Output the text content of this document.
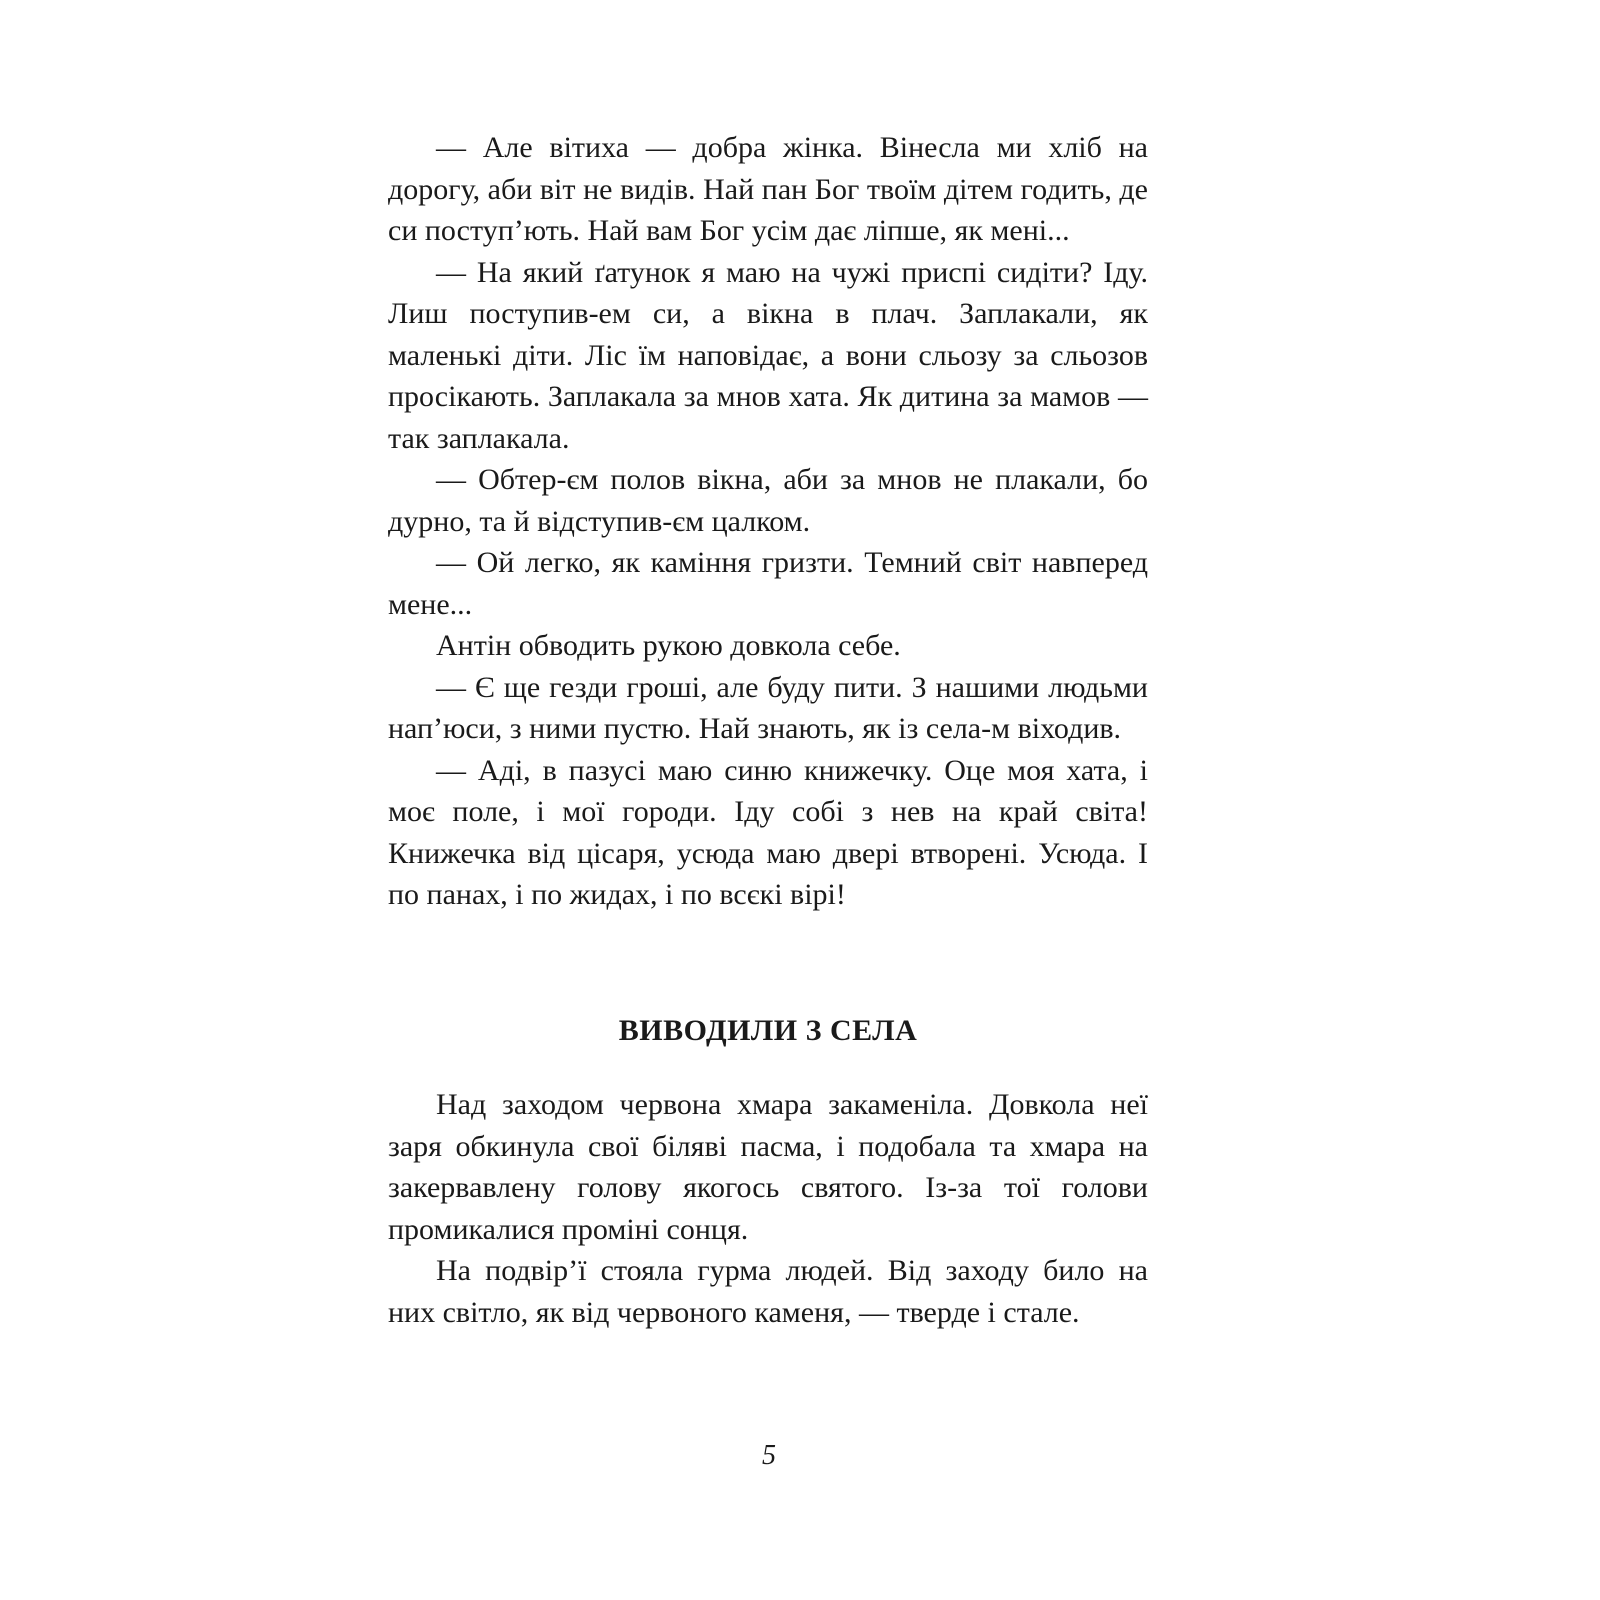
— Але вітиха — добра жінка. Вінесла ми хліб на дорогу, аби віт не видів. Най пан Бог твоїм дітем годить, де си поступ’ють. Най вам Бог усім дає ліпше, як мені...

— На який ґатунок я маю на чужі приспі сидіти? Іду. Лиш поступив-ем си, а вікна в плач. Заплакали, як маленькі діти. Ліс їм наповідає, а вони сльозу за сльозов просікають. Заплакала за мнов хата. Як дитина за мамов — так заплакала.

— Обтер-єм полов вікна, аби за мнов не плакали, бо дурно, та й відступив-єм цалком.

— Ой легко, як каміння гризти. Темний світ навперед мене...

Антін обводить рукою довкола себе.

— Є ще гезди гроші, але буду пити. З нашими людьми нап’юси, з ними пустю. Най знають, як із села-м віходив.

— Аді, в пазусі маю синю книжечку. Оце моя хата, і моє поле, і мої городи. Іду собі з нев на край світа! Книжечка від цісаря, усюда маю двері втворені. Усюда. І по панах, і по жидах, і по всєкі вірі!

ВИВОДИЛИ З СЕЛА

Над заходом червона хмара закаменіла. Довкола неї заря обкинула свої біляві пасма, і подобала та хмара на закервавлену голову якогось святого. Із-за тої голови промикалися проміні сонця.

На подвір’ї стояла гурма людей. Від заходу било на них світло, як від червоного каменя, — тверде і стале.

5
